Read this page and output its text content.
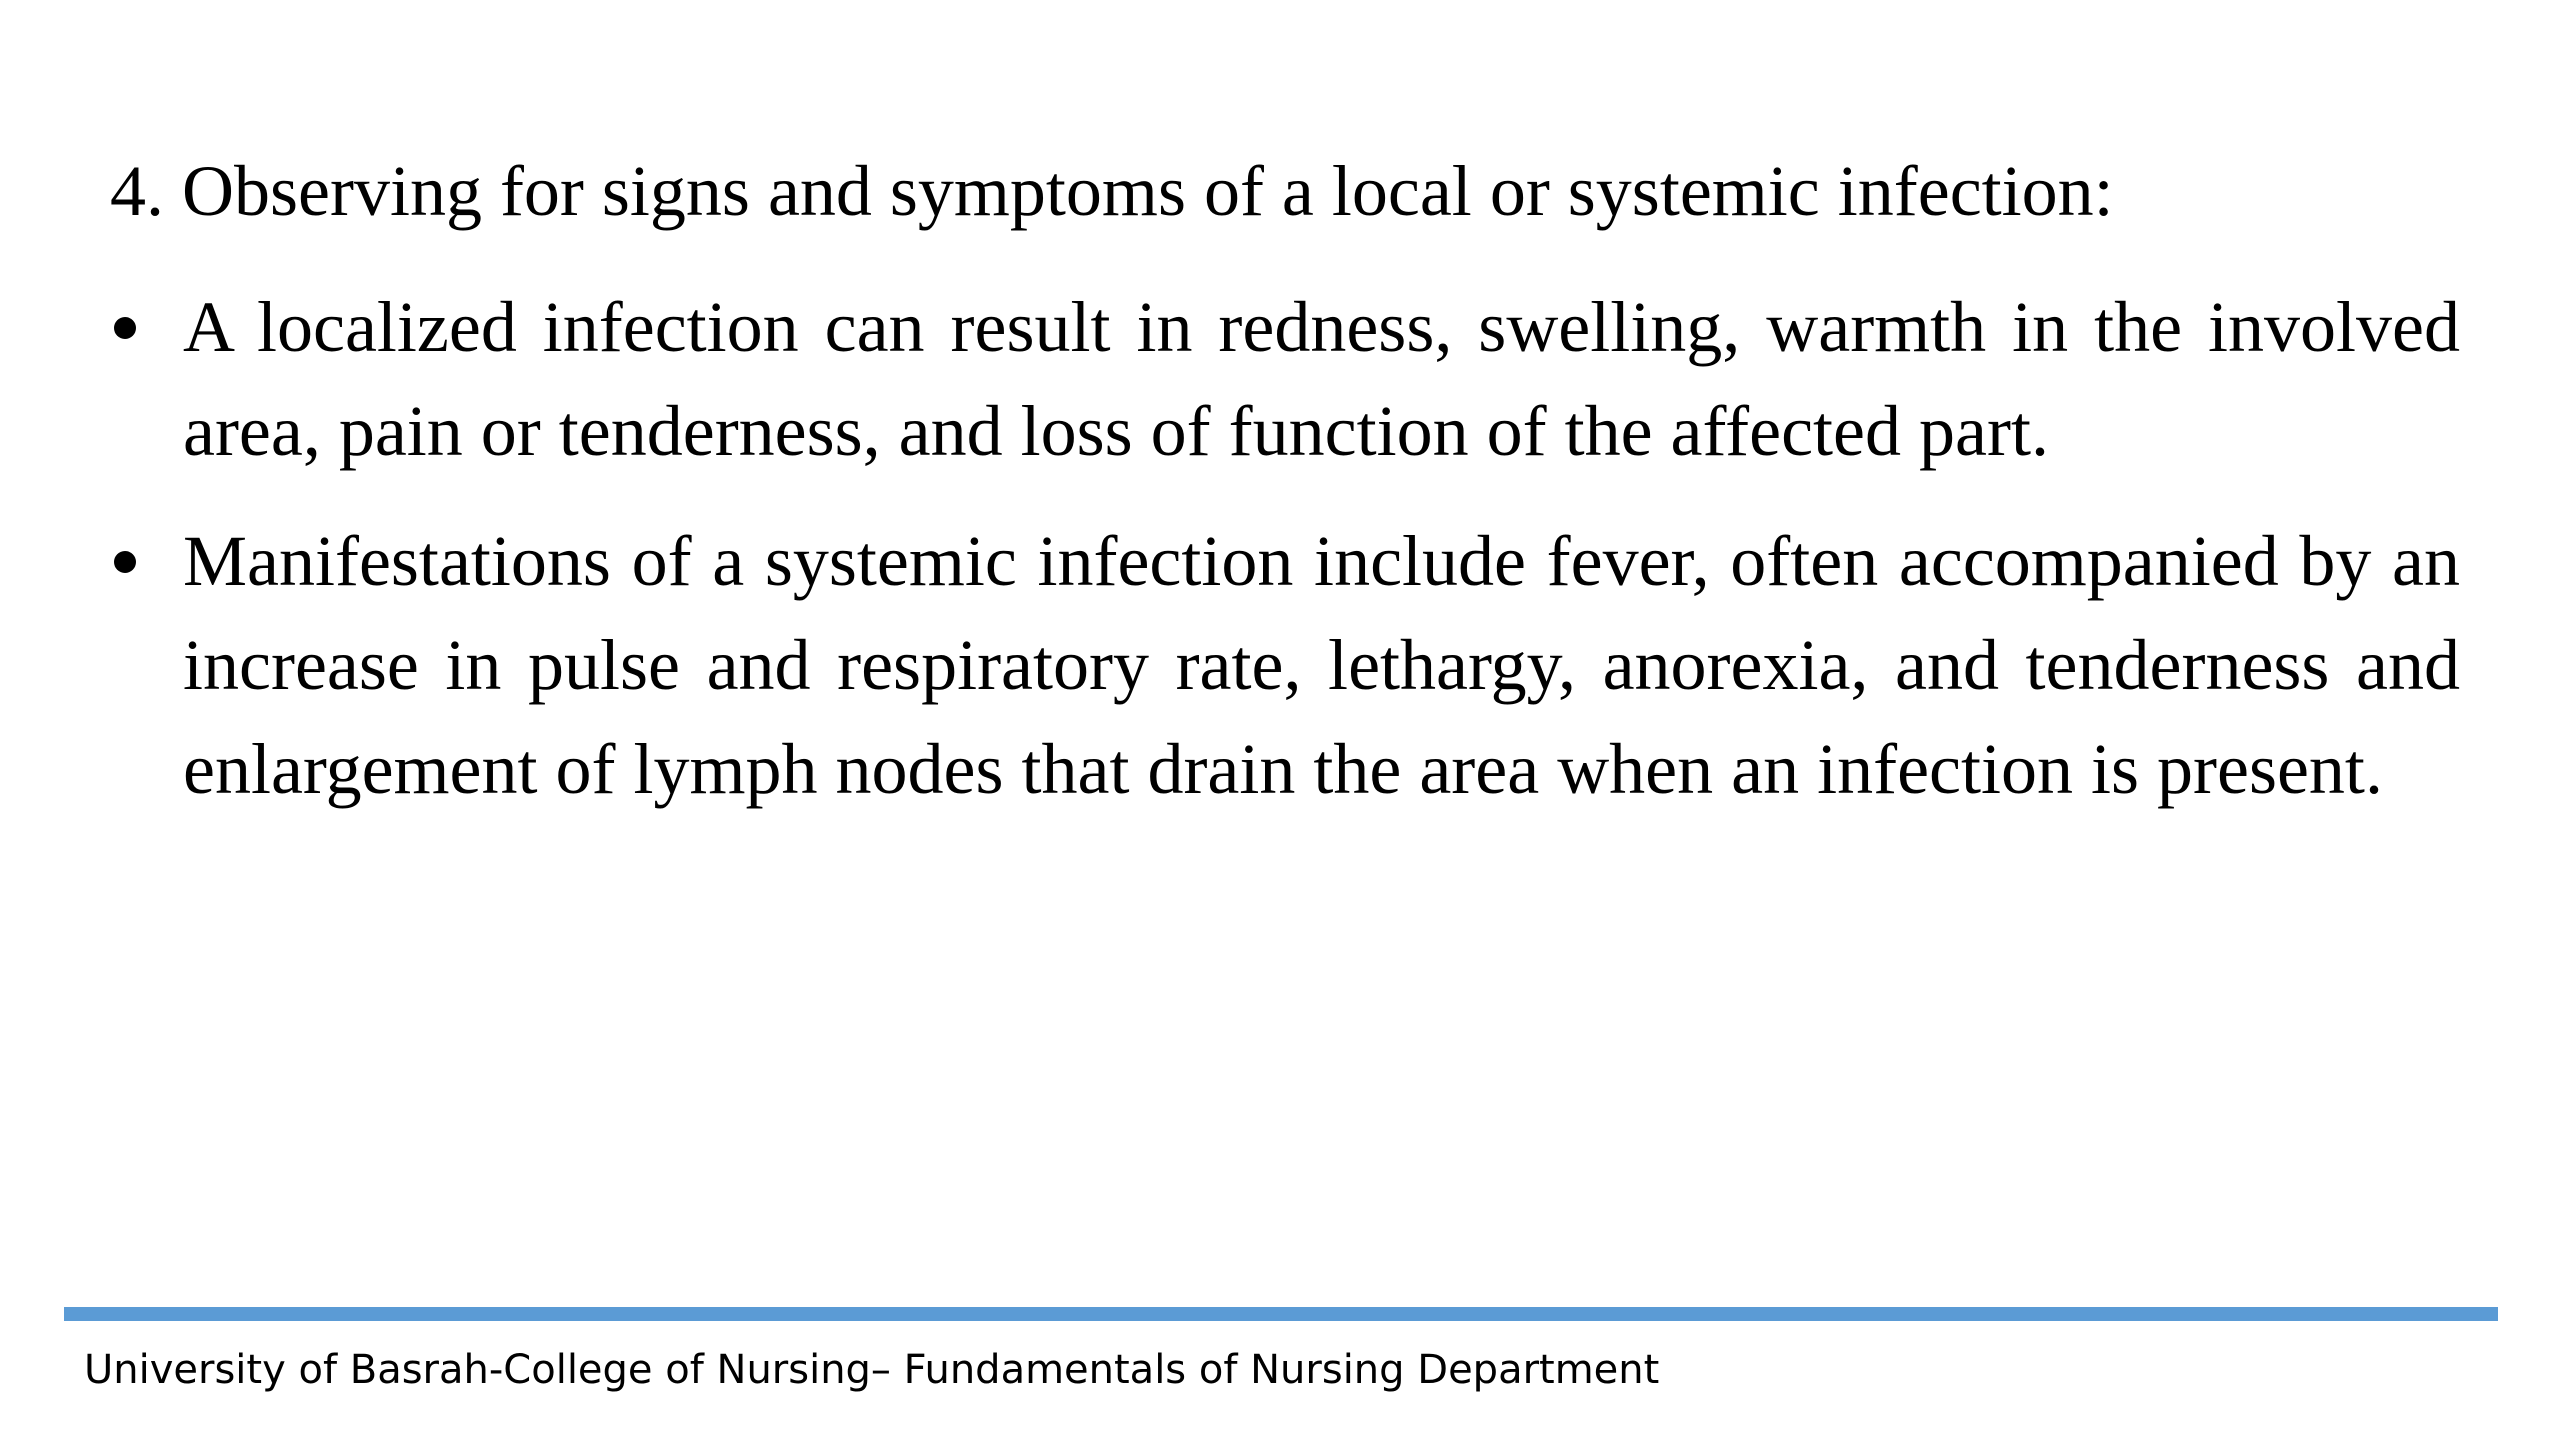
4. Observing for signs and symptoms of a local or systemic infection:
A localized infection can result in redness, swelling, warmth in the involved area, pain or tenderness, and loss of function of the affected part.
Manifestations of a systemic infection include fever, often accompanied by an increase in pulse and respiratory rate, lethargy, anorexia, and tenderness and enlargement of lymph nodes that drain the area when an infection is present.
University of Basrah-College of Nursing– Fundamentals of Nursing Department
